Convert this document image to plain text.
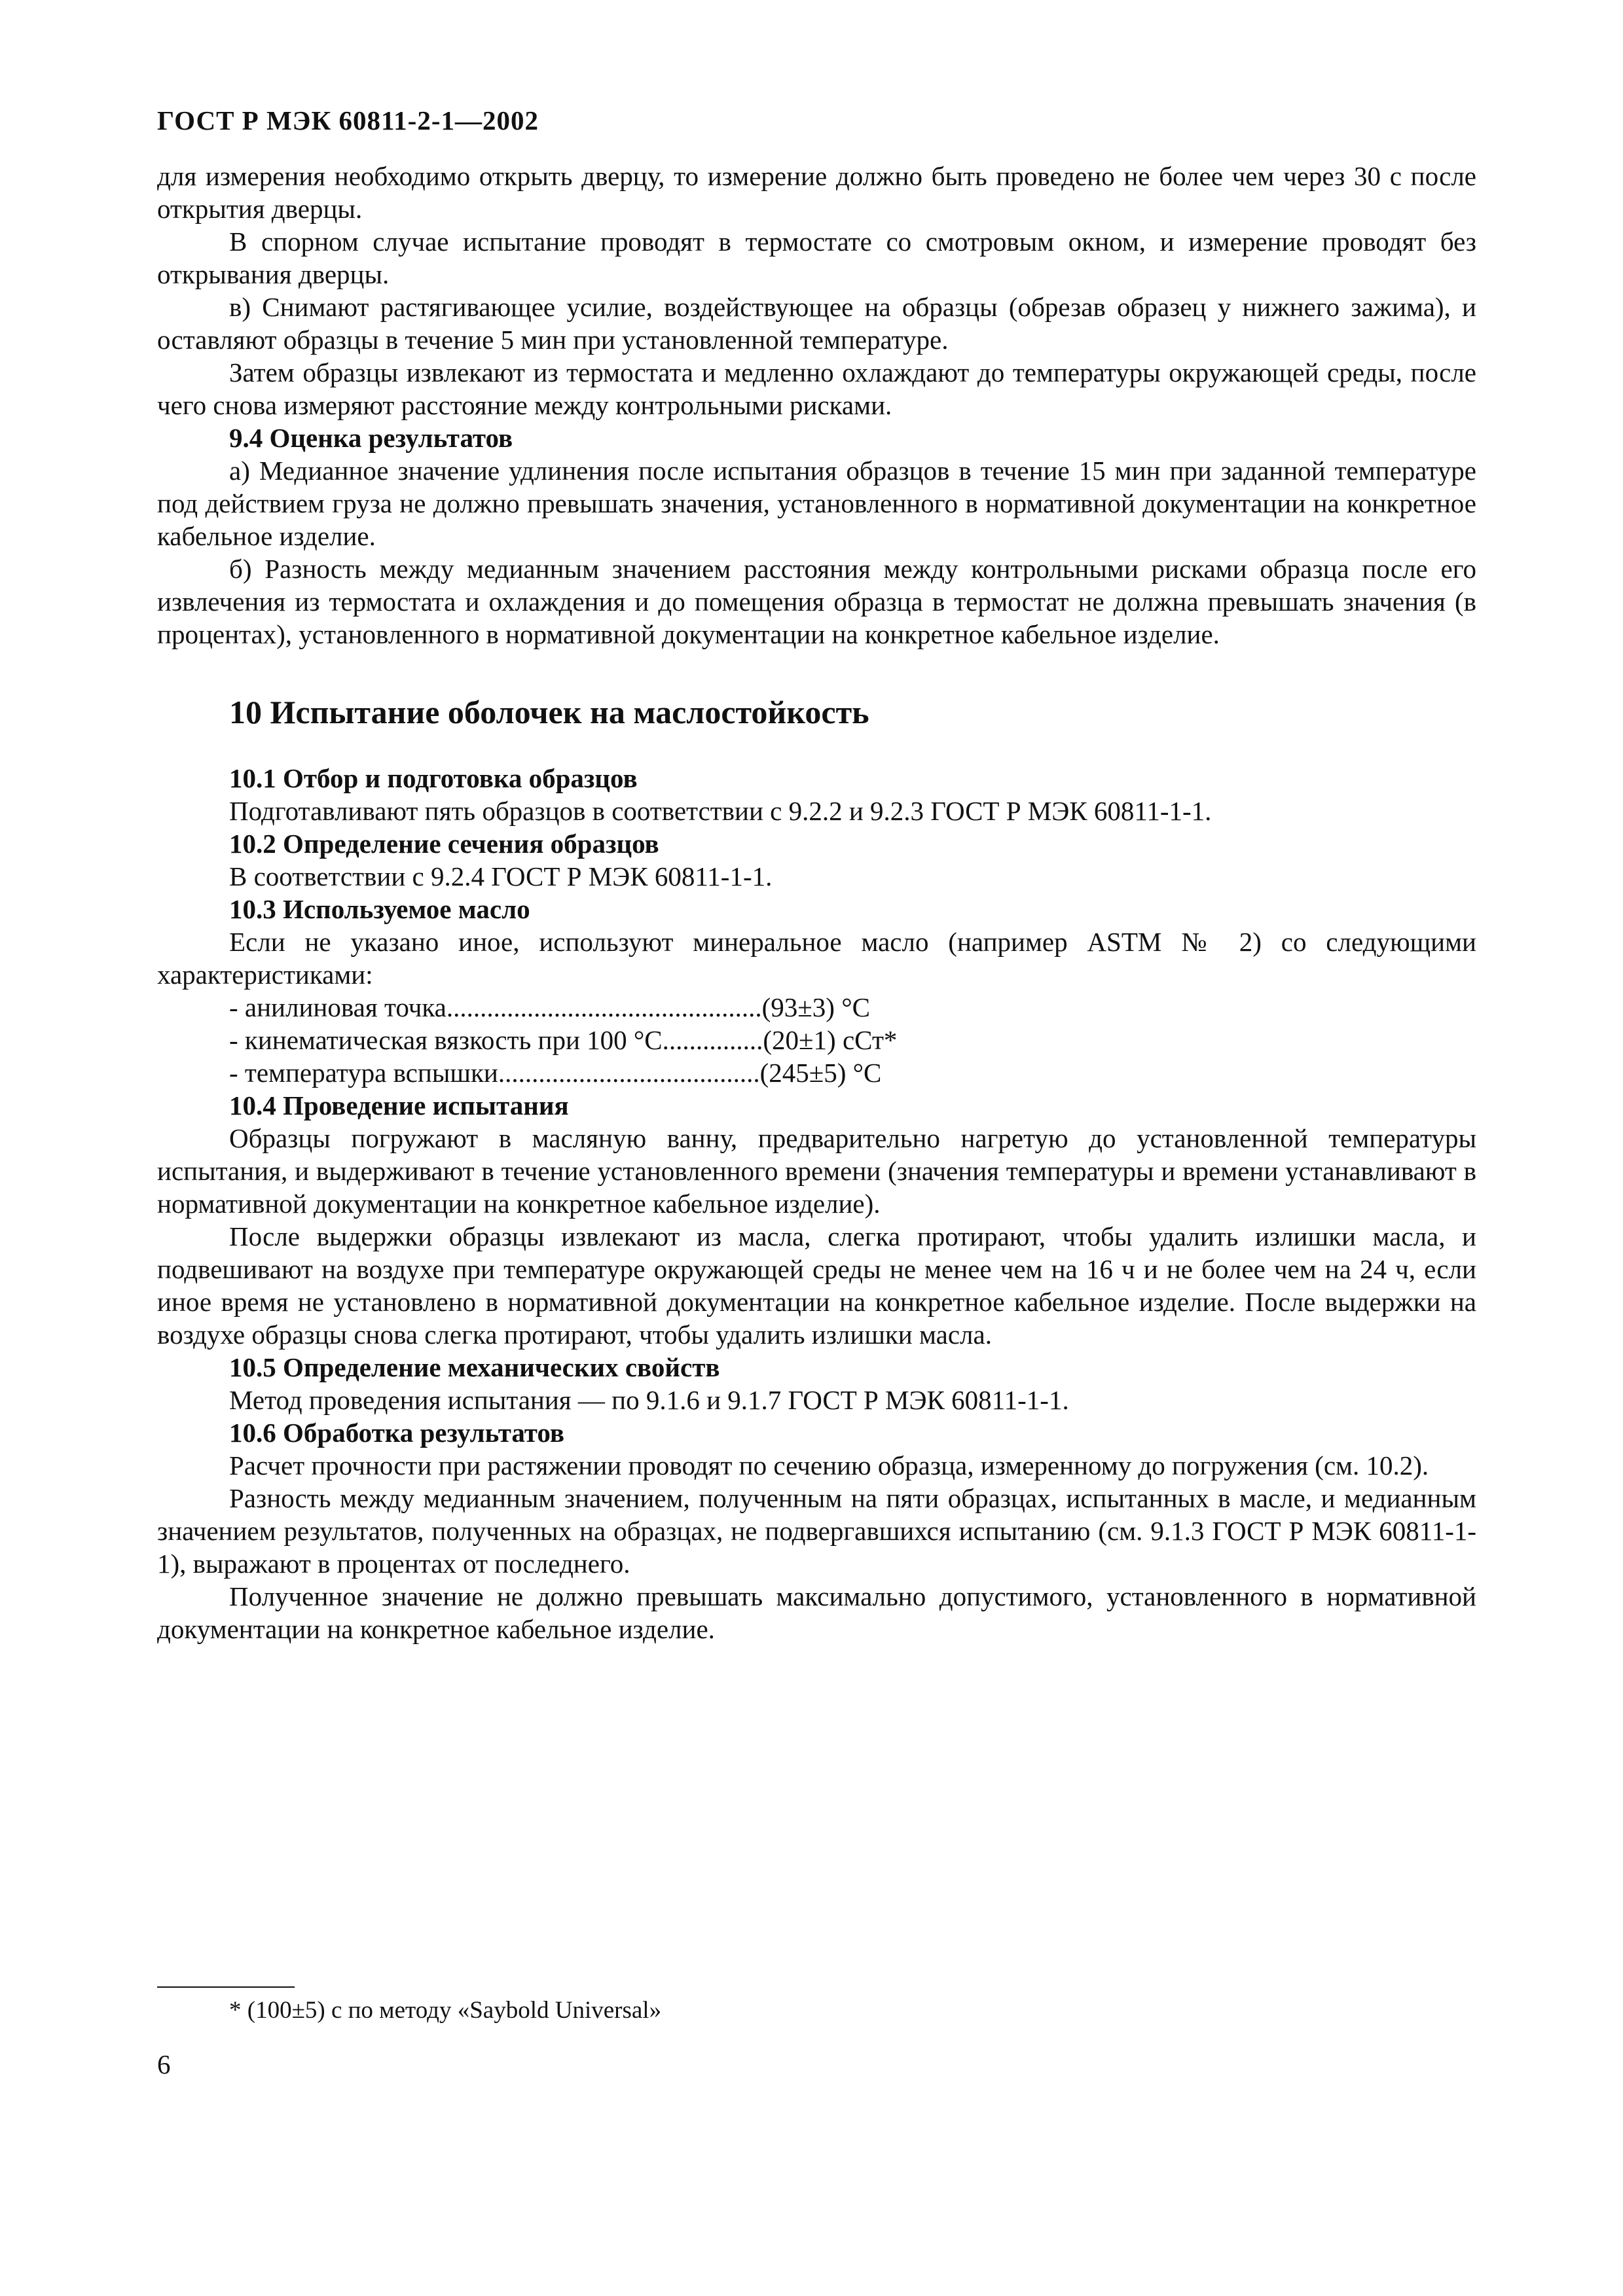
ГОСТ Р МЭК 60811-2-1—2002

для измерения необходимо открыть дверцу, то измерение должно быть проведено не более чем через 30 с после открытия дверцы.

В спорном случае испытание проводят в термостате со смотровым окном, и измерение проводят без открывания дверцы.

в) Снимают растягивающее усилие, воздействующее на образцы (обрезав образец у нижнего зажима), и оставляют образцы в течение 5 мин при установленной температуре.

Затем образцы извлекают из термостата и медленно охлаждают до температуры окружающей среды, после чего снова измеряют расстояние между контрольными рисками.

9.4 Оценка результатов

а) Медианное значение удлинения после испытания образцов в течение 15 мин при заданной температуре под действием груза не должно превышать значения, установленного в нормативной документации на конкретное кабельное изделие.

б) Разность между медианным значением расстояния между контрольными рисками образца после его извлечения из термостата и охлаждения и до помещения образца в термостат не должна превышать значения (в процентах), установленного в нормативной документации на конкретное кабельное изделие.

10 Испытание оболочек на маслостойкость

10.1 Отбор и подготовка образцов

Подготавливают пять образцов в соответствии с 9.2.2 и 9.2.3 ГОСТ Р МЭК 60811-1-1.

10.2 Определение сечения образцов

В соответствии с 9.2.4 ГОСТ Р МЭК 60811-1-1.

10.3 Используемое масло

Если не указано иное, используют минеральное масло (например ASTM № 2) со следующими характеристиками:

- анилиновая точка ............................................... (93±3) °С
- кинематическая вязкость при 100 °С ............... (20±1) сСт*
- температура вспышки ....................................... (245±5) °С

10.4 Проведение испытания

Образцы погружают в масляную ванну, предварительно нагретую до установленной температуры испытания, и выдерживают в течение установленного времени (значения температуры и времени устанавливают в нормативной документации на конкретное кабельное изделие).

После выдержки образцы извлекают из масла, слегка протирают, чтобы удалить излишки масла, и подвешивают на воздухе при температуре окружающей среды не менее чем на 16 ч и не более чем на 24 ч, если иное время не установлено в нормативной документации на конкретное кабельное изделие. После выдержки на воздухе образцы снова слегка протирают, чтобы удалить излишки масла.

10.5 Определение механических свойств

Метод проведения испытания — по 9.1.6 и 9.1.7 ГОСТ Р МЭК 60811-1-1.

10.6 Обработка результатов

Расчет прочности при растяжении проводят по сечению образца, измеренному до погружения (см. 10.2).

Разность между медианным значением, полученным на пяти образцах, испытанных в масле, и медианным значением результатов, полученных на образцах, не подвергавшихся испытанию (см. 9.1.3 ГОСТ Р МЭК 60811-1-1), выражают в процентах от последнего.

Полученное значение не должно превышать максимально допустимого, установленного в нормативной документации на конкретное кабельное изделие.

* (100±5) с по методу «Saybold Universal»
6
